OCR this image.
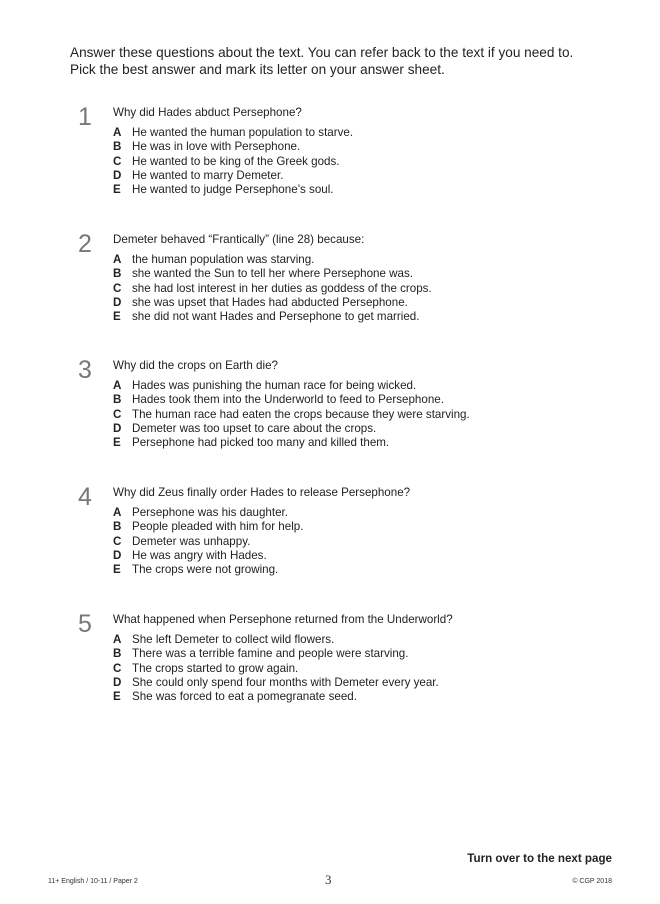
Answer these questions about the text. You can refer back to the text if you need to.
Pick the best answer and mark its letter on your answer sheet.
1 Why did Hades abduct Persephone?
A He wanted the human population to starve.
B He was in love with Persephone.
C He wanted to be king of the Greek gods.
D He wanted to marry Demeter.
E He wanted to judge Persephone’s soul.
2 Demeter behaved “Frantically” (line 28) because:
A the human population was starving.
B she wanted the Sun to tell her where Persephone was.
C she had lost interest in her duties as goddess of the crops.
D she was upset that Hades had abducted Persephone.
E she did not want Hades and Persephone to get married.
3 Why did the crops on Earth die?
A Hades was punishing the human race for being wicked.
B Hades took them into the Underworld to feed to Persephone.
C The human race had eaten the crops because they were starving.
D Demeter was too upset to care about the crops.
E Persephone had picked too many and killed them.
4 Why did Zeus finally order Hades to release Persephone?
A Persephone was his daughter.
B People pleaded with him for help.
C Demeter was unhappy.
D He was angry with Hades.
E The crops were not growing.
5 What happened when Persephone returned from the Underworld?
A She left Demeter to collect wild flowers.
B There was a terrible famine and people were starving.
C The crops started to grow again.
D She could only spend four months with Demeter every year.
E She was forced to eat a pomegranate seed.
Turn over to the next page
11+ English / 10-11 / Paper 2	3	© CGP 2018
